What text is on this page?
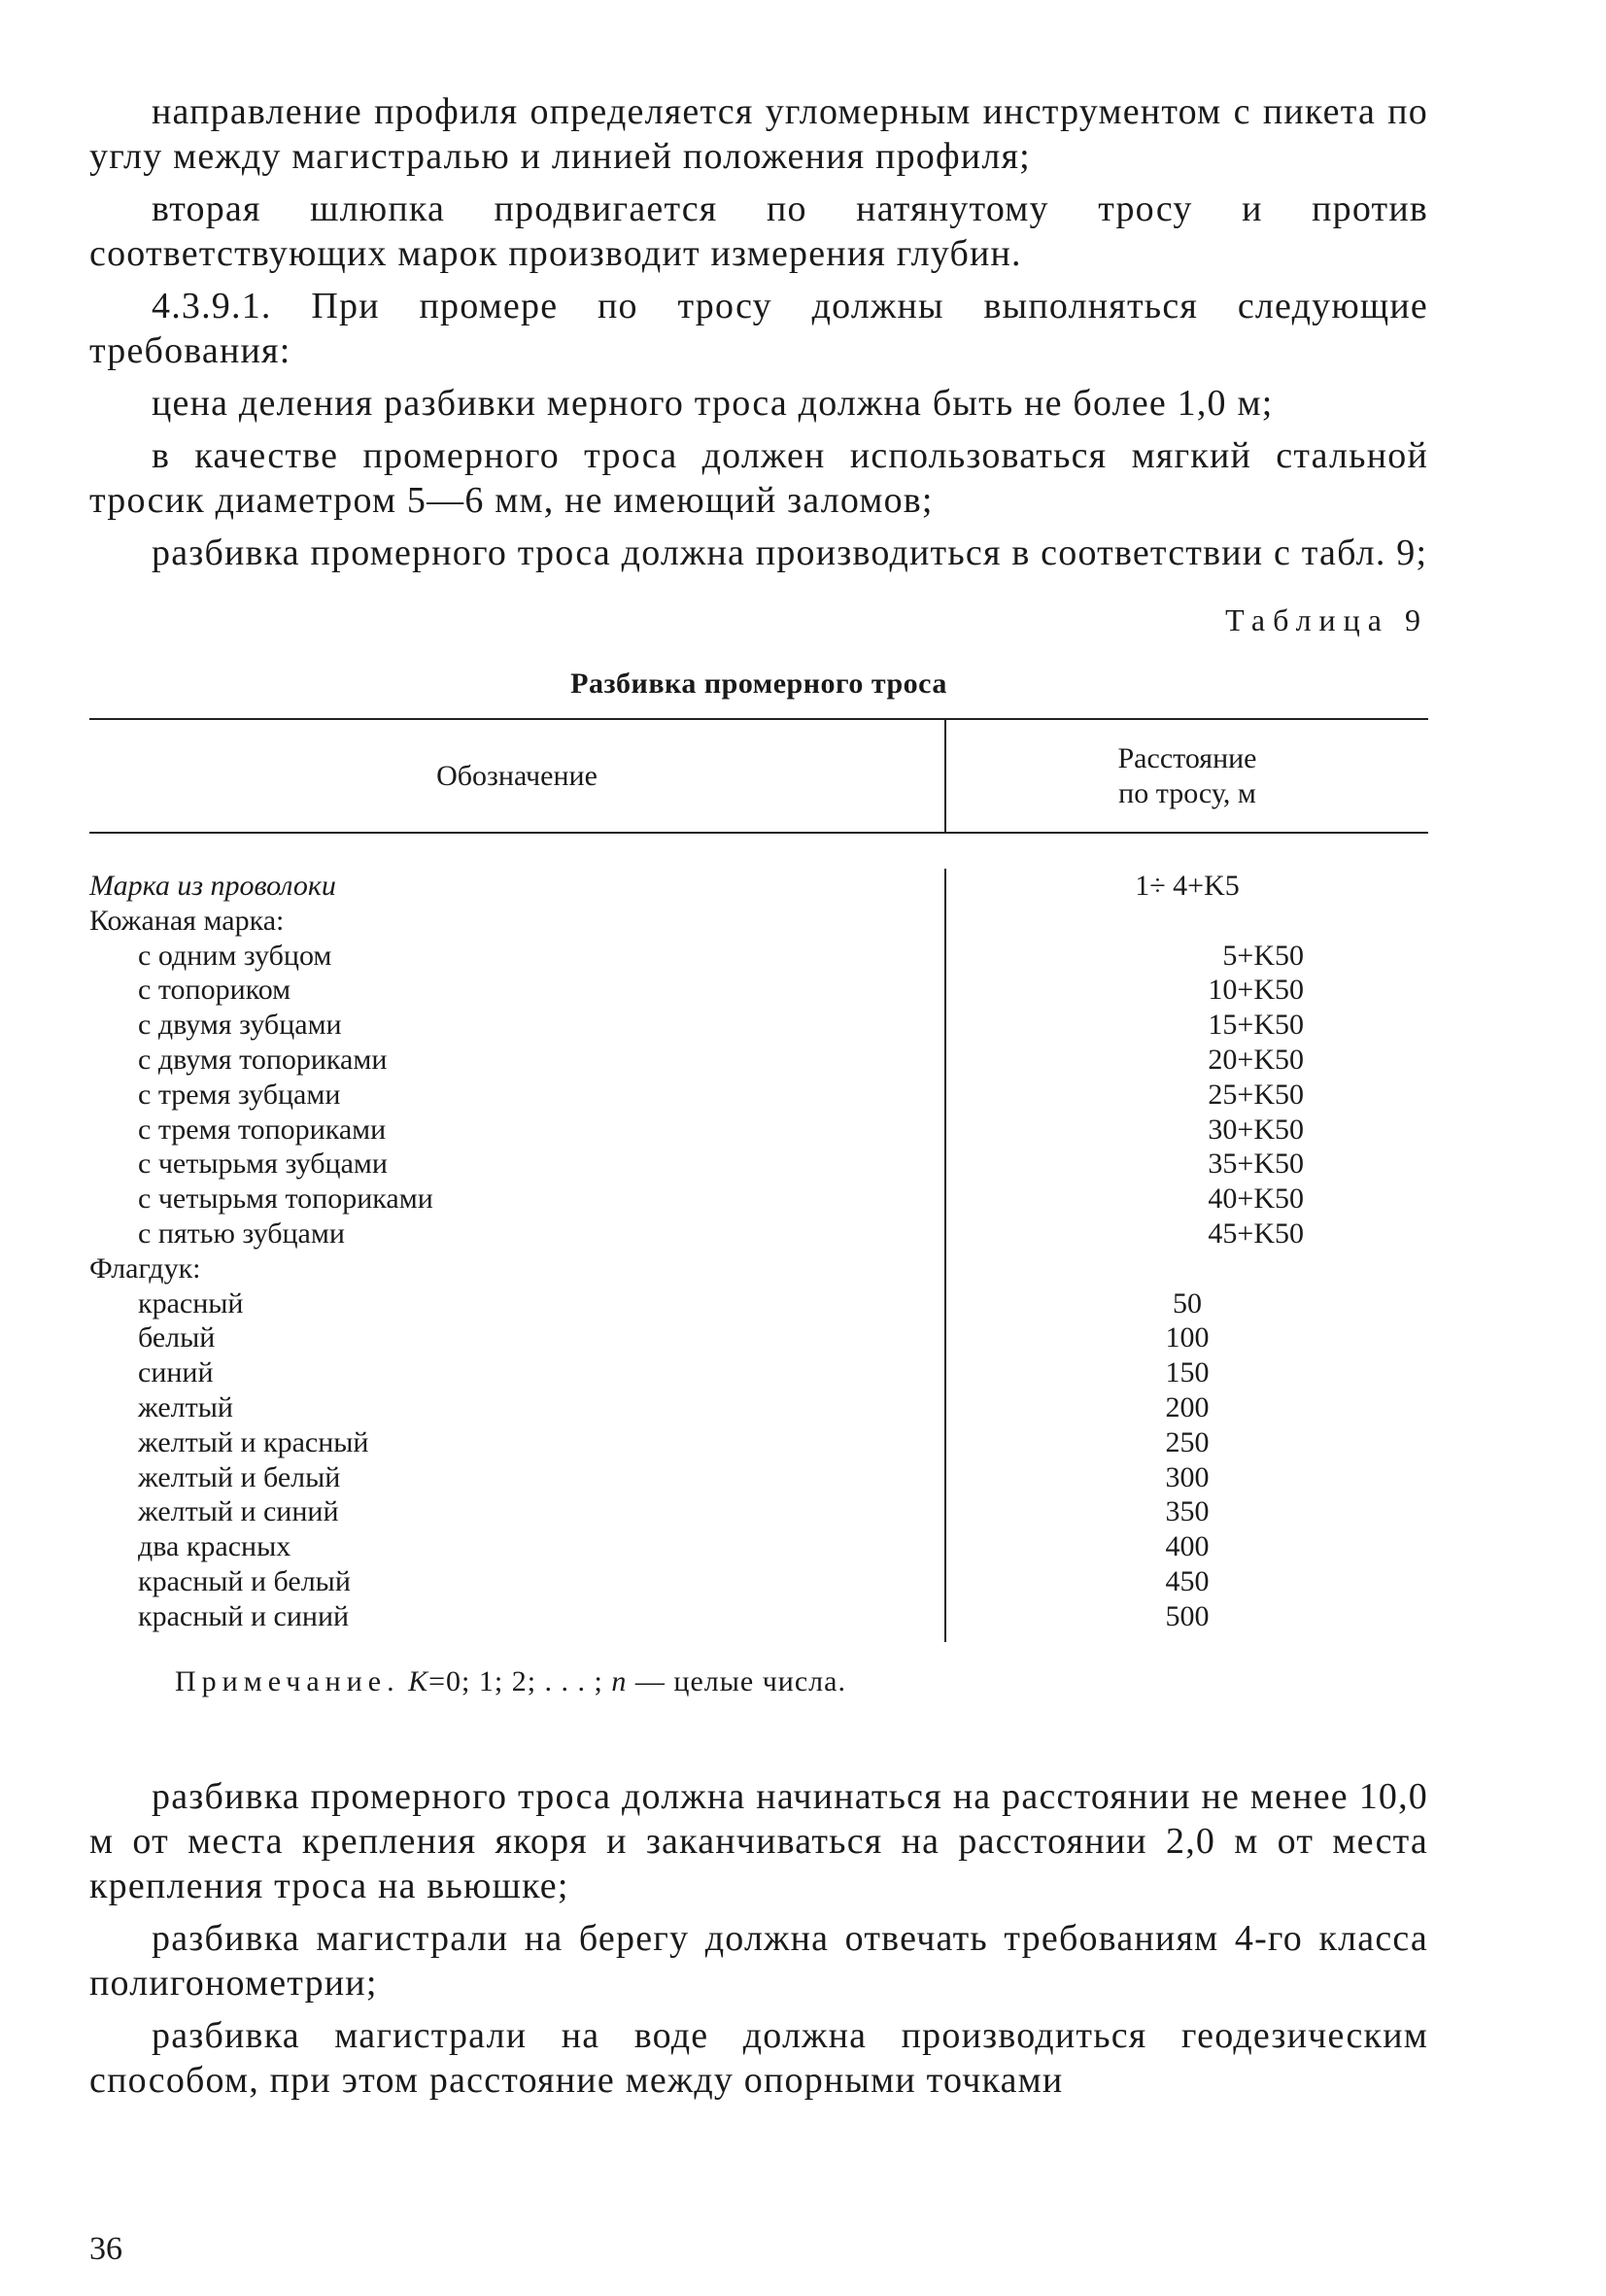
направление профиля определяется угломерным инструментом с пикета по углу между магистралью и линией положения профиля;

вторая шлюпка продвигается по натянутому тросу и против соответствующих марок производит измерения глубин.

4.3.9.1. При промере по тросу должны выполняться следующие требования:

цена деления разбивки мерного троса должна быть не более 1,0 м;

в качестве промерного троса должен использоваться мягкий стальной тросик диаметром 5—6 мм, не имеющий заломов;

разбивка промерного троса должна производиться в соответствии с табл. 9;

Таблица 9
Разбивка промерного троса
Обозначение
Расстояние
по тросу, м
Марка из проволоки
Кожаная марка:
с одним зубцом
с топориком
с двумя зубцами
с двумя топориками
с тремя зубцами
с тремя топориками
с четырьмя зубцами
с четырьмя топориками
с пятью зубцами
Флагдук:
красный
белый
синий
желтый
желтый и красный
желтый и белый
желтый и синий
два красных
красный и белый
красный и синий
1÷ 4+K5

5+K50
10+K50
15+K50
20+K50
25+K50
30+K50
35+K50
40+K50
45+K50

50
100
150
200
250
300
350
400
450
500
Примечание. K=0; 1; 2; . . . ; n — целые числа.

разбивка промерного троса должна начинаться на расстоянии не менее 10,0 м от места крепления якоря и заканчиваться на расстоянии 2,0 м от места крепления троса на вьюшке;

разбивка магистрали на берегу должна отвечать требованиям 4-го класса полигонометрии;

разбивка магистрали на воде должна производиться геодезическим способом, при этом расстояние между опорными точками

36
